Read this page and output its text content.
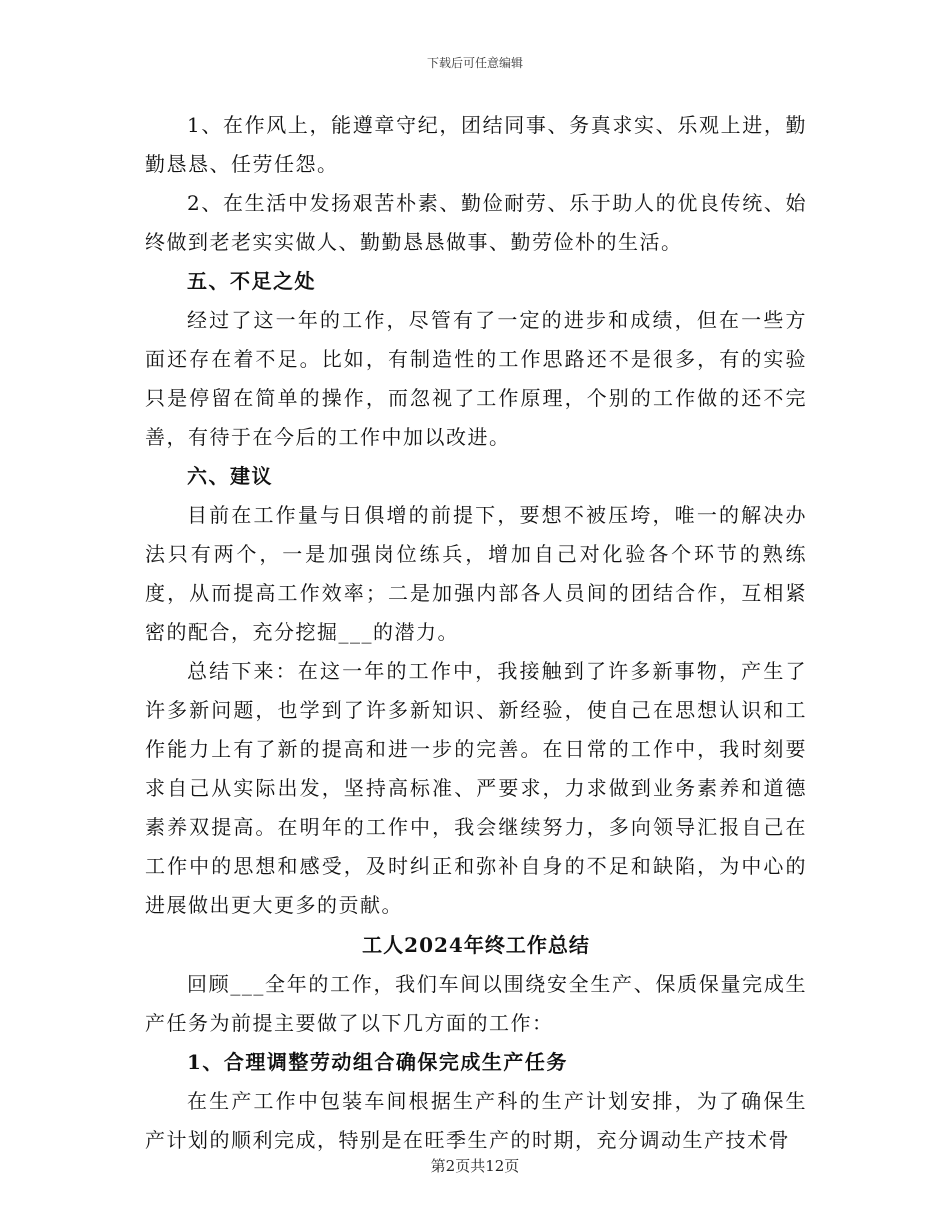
下载后可任意编辑

1、在作风上，能遵章守纪，团结同事、务真求实、乐观上进，勤勤恳恳、任劳任怨。

2、在生活中发扬艰苦朴素、勤俭耐劳、乐于助人的优良传统、始终做到老老实实做人、勤勤恳恳做事、勤劳俭朴的生活。

五、不足之处

经过了这一年的工作，尽管有了一定的进步和成绩，但在一些方面还存在着不足。比如，有制造性的工作思路还不是很多，有的实验只是停留在简单的操作，而忽视了工作原理，个别的工作做的还不完善，有待于在今后的工作中加以改进。

六、建议

目前在工作量与日俱增的前提下，要想不被压垮，唯一的解决办法只有两个，一是加强岗位练兵，增加自己对化验各个环节的熟练度，从而提高工作效率；二是加强内部各人员间的团结合作，互相紧密的配合，充分挖掘___的潜力。

总结下来：在这一年的工作中，我接触到了许多新事物，产生了许多新问题，也学到了许多新知识、新经验，使自己在思想认识和工作能力上有了新的提高和进一步的完善。在日常的工作中，我时刻要求自己从实际出发，坚持高标准、严要求，力求做到业务素养和道德素养双提高。在明年的工作中，我会继续努力，多向领导汇报自己在工作中的思想和感受，及时纠正和弥补自身的不足和缺陷，为中心的进展做出更大更多的贡献。

工人2024年终工作总结

回顾___全年的工作，我们车间以围绕安全生产、保质保量完成生产任务为前提主要做了以下几方面的工作：

1、合理调整劳动组合确保完成生产任务

在生产工作中包装车间根据生产科的生产计划安排，为了确保生产计划的顺利完成，特别是在旺季生产的时期，充分调动生产技术骨

第2页共12页
